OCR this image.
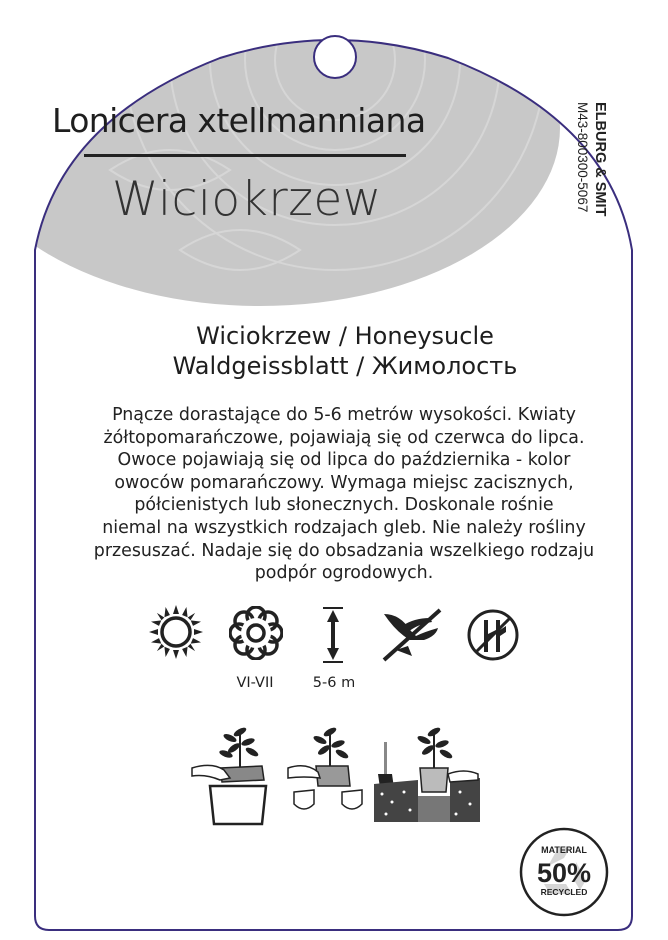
Lonicera xtellmanniana
Wiciokrzew	ELBURG & SMIT
M43-800300-5067
Wiciokrzew / Honeysucle
Waldgeissblatt / Жимолость
Pnącze dorastające do 5-6 metrów wysokości. Kwiaty
żółtopomarańczowe, pojawiają się od czerwca do lipca.
Owoce pojawiają się od lipca do października - kolor
owoców pomarańczowy. Wymaga miejsc zacisznych,
półcienistych lub słonecznych. Doskonale rośnie
niemal na wszystkich rodzajach gleb. Nie należy rośliny
przesuszać. Nadaje się do obsadzania wszelkiego rodzaju
podpór ogrodowych.
VI-VII	5-6 m
MATERIAL
50%
RECYCLED
